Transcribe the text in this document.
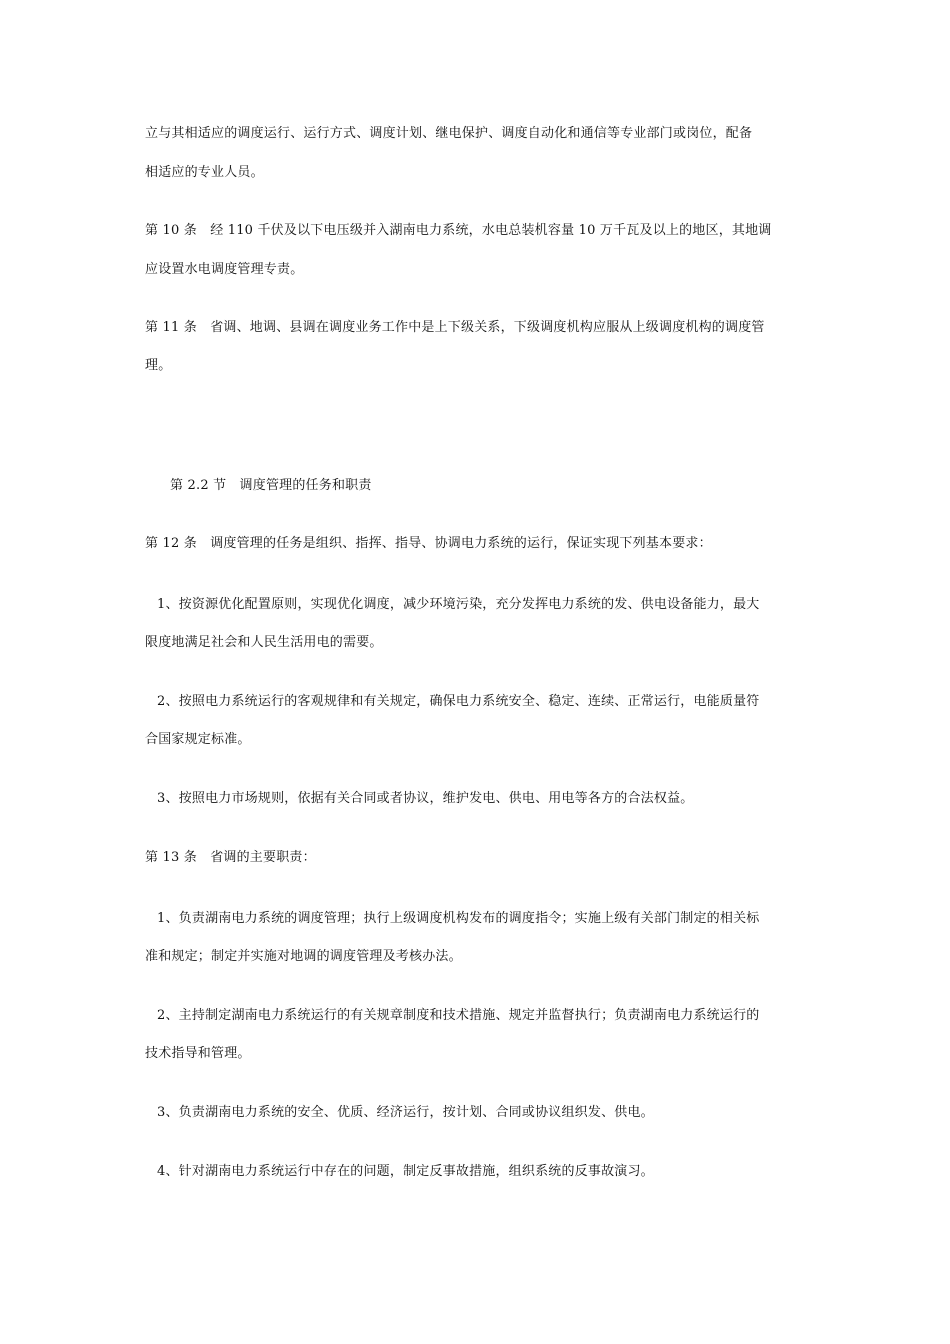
立与其相适应的调度运行、运行方式、调度计划、继电保护、调度自动化和通信等专业部门或岗位，配备
相适应的专业人员。
第 10 条　经 110 千伏及以下电压级并入湖南电力系统，水电总装机容量 10 万千瓦及以上的地区，其地调
应设置水电调度管理专责。
第 11 条　省调、地调、县调在调度业务工作中是上下级关系，下级调度机构应服从上级调度机构的调度管
理。
第 2.2 节　调度管理的任务和职责
第 12 条　调度管理的任务是组织、指挥、指导、协调电力系统的运行，保证实现下列基本要求：
1、按资源优化配置原则，实现优化调度，减少环境污染，充分发挥电力系统的发、供电设备能力，最大
限度地满足社会和人民生活用电的需要。
2、按照电力系统运行的客观规律和有关规定，确保电力系统安全、稳定、连续、正常运行，电能质量符
合国家规定标准。
3、按照电力市场规则，依据有关合同或者协议，维护发电、供电、用电等各方的合法权益。
第 13 条　省调的主要职责：
1、负责湖南电力系统的调度管理；执行上级调度机构发布的调度指令；实施上级有关部门制定的相关标
准和规定；制定并实施对地调的调度管理及考核办法。
2、主持制定湖南电力系统运行的有关规章制度和技术措施、规定并监督执行；负责湖南电力系统运行的
技术指导和管理。
3、负责湖南电力系统的安全、优质、经济运行，按计划、合同或协议组织发、供电。
4、针对湖南电力系统运行中存在的问题，制定反事故措施，组织系统的反事故演习。
